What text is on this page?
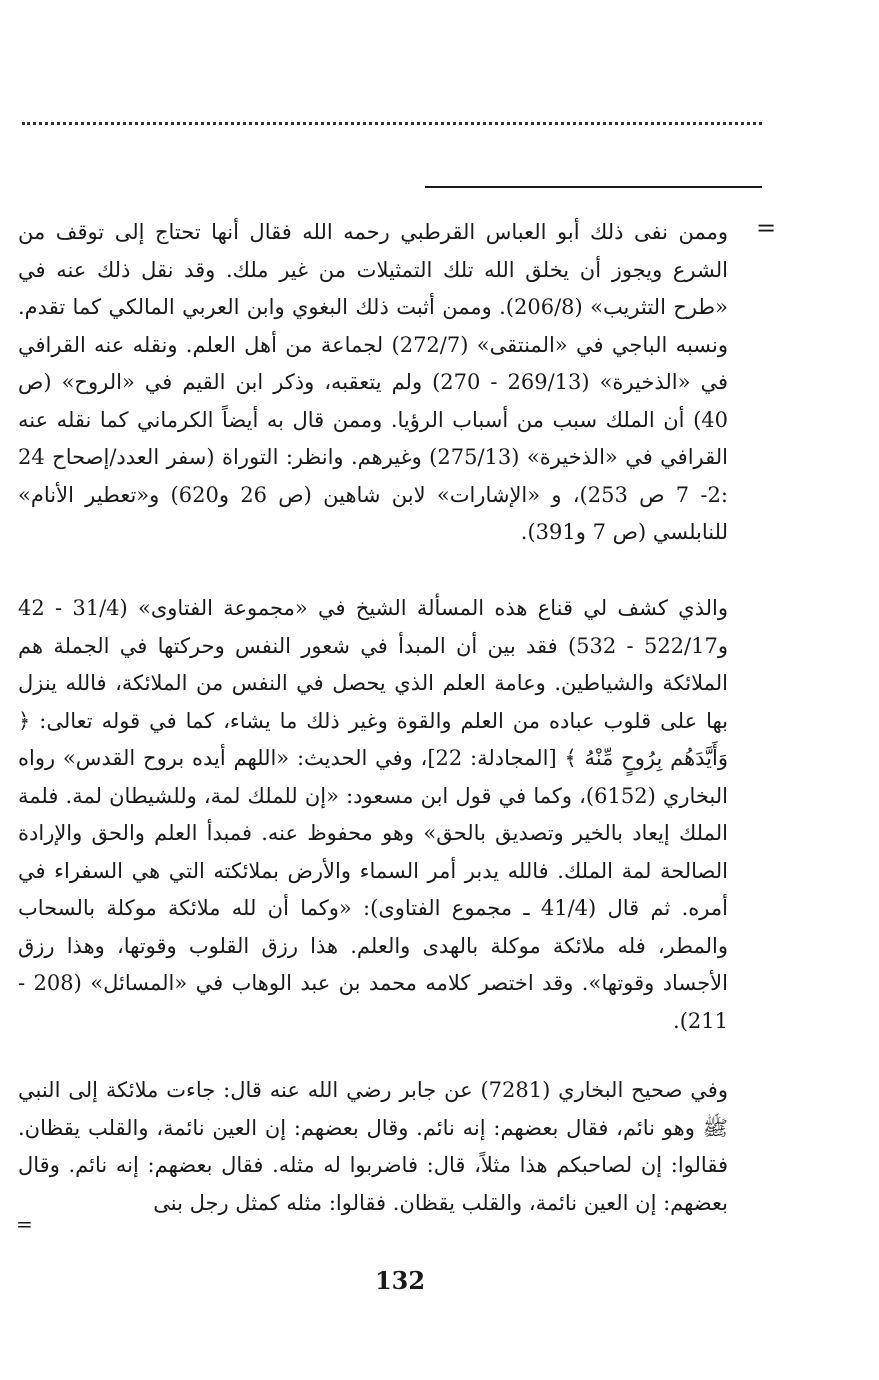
=

وممن نفى ذلك أبو العباس القرطبي رحمه الله فقال أنها تحتاج إلى توقف من الشرع ويجوز أن يخلق الله تلك التمثيلات من غير ملك. وقد نقل ذلك عنه في «طرح التثريب» (206/8). وممن أثبت ذلك البغوي وابن العربي المالكي كما تقدم. ونسبه الباجي في «المنتقى» (272/7) لجماعة من أهل العلم. ونقله عنه القرافي في «الذخيرة» (269/13 - 270) ولم يتعقبه، وذكر ابن القيم في «الروح» (ص 40) أن الملك سبب من أسباب الرؤيا. وممن قال به أيضاً الكرماني كما نقله عنه القرافي في «الذخيرة» (275/13) وغيرهم. وانظر: التوراة (سفر العدد/إصحاح 24 :2- 7 ص 253)، و «الإشارات» لابن شاهين (ص 26 و620) و«تعطير الأنام» للنابلسي (ص 7 و391).

والذي كشف لي قناع هذه المسألة الشيخ في «مجموعة الفتاوى» (31/4 - 42 و522/17 - 532) فقد بين أن المبدأ في شعور النفس وحركتها في الجملة هم الملائكة والشياطين. وعامة العلم الذي يحصل في النفس من الملائكة، فالله ينزل بها على قلوب عباده من العلم والقوة وغير ذلك ما يشاء، كما في قوله تعالى: ﴿ وَأَيَّدَهُم بِرُوحٍ مِّنْهُ ﴾ [المجادلة: 22]، وفي الحديث: «اللهم أيده بروح القدس» رواه البخاري (6152)، وكما في قول ابن مسعود: «إن للملك لمة، وللشيطان لمة. فلمة الملك إيعاد بالخير وتصديق بالحق» وهو محفوظ عنه. فمبدأ العلم والحق والإرادة الصالحة لمة الملك. فالله يدبر أمر السماء والأرض بملائكته التي هي السفراء في أمره. ثم قال (41/4 ـ مجموع الفتاوى): «وكما أن لله ملائكة موكلة بالسحاب والمطر، فله ملائكة موكلة بالهدى والعلم. هذا رزق القلوب وقوتها، وهذا رزق الأجساد وقوتها». وقد اختصر كلامه محمد بن عبد الوهاب في «المسائل» (208 - 211).

وفي صحيح البخاري (7281) عن جابر رضي الله عنه قال: جاءت ملائكة إلى النبي ﷺ وهو نائم، فقال بعضهم: إنه نائم. وقال بعضهم: إن العين نائمة، والقلب يقظان. فقالوا: إن لصاحبكم هذا مثلاً، قال: فاضربوا له مثله. فقال بعضهم: إنه نائم. وقال بعضهم: إن العين نائمة، والقلب يقظان. فقالوا: مثله كمثل رجل بنى

=
132
